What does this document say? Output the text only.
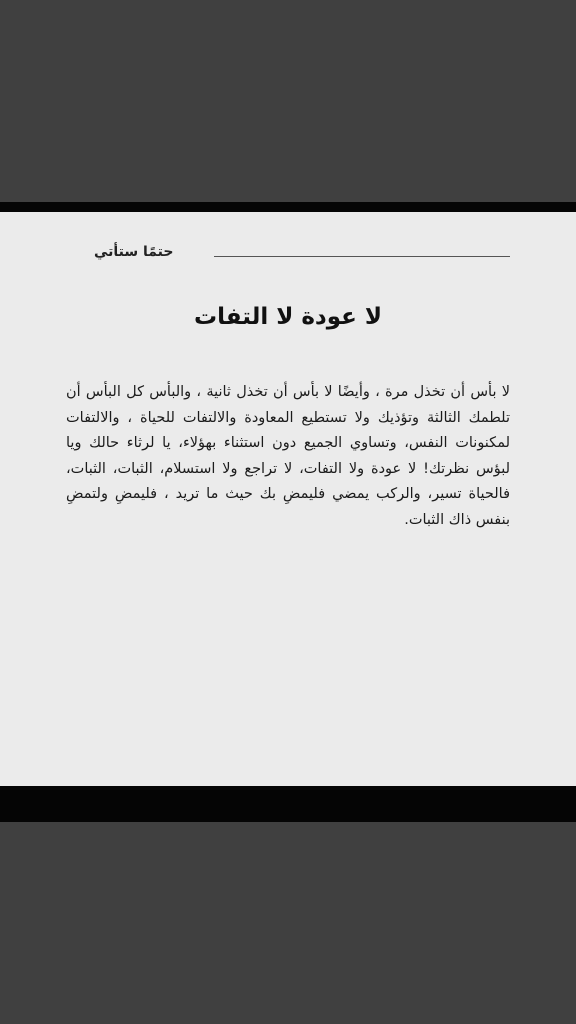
حتمًا ستأتي
لا عودة لا التفات
لا بأس أن تخذل مرة ، وأيضًا لا بأس أن تخذل ثانية ، والبأس كل البأس أن تلطمك الثالثة وتؤذيك ولا تستطيع المعاودة والالتفات للحياة ، والالتفات لمكنونات النفس، وتساوي الجميع دون استثناء بهؤلاء، يا لرثاء حالك ويا لبؤس نظرتك! لا عودة ولا التفات، لا تراجع ولا استسلام، الثبات، الثبات، فالحياة تسير، والركب يمضي فليمضِ بك حيث ما تريد ، فليمضِ ولتمضِ بنفس ذاك الثبات.
